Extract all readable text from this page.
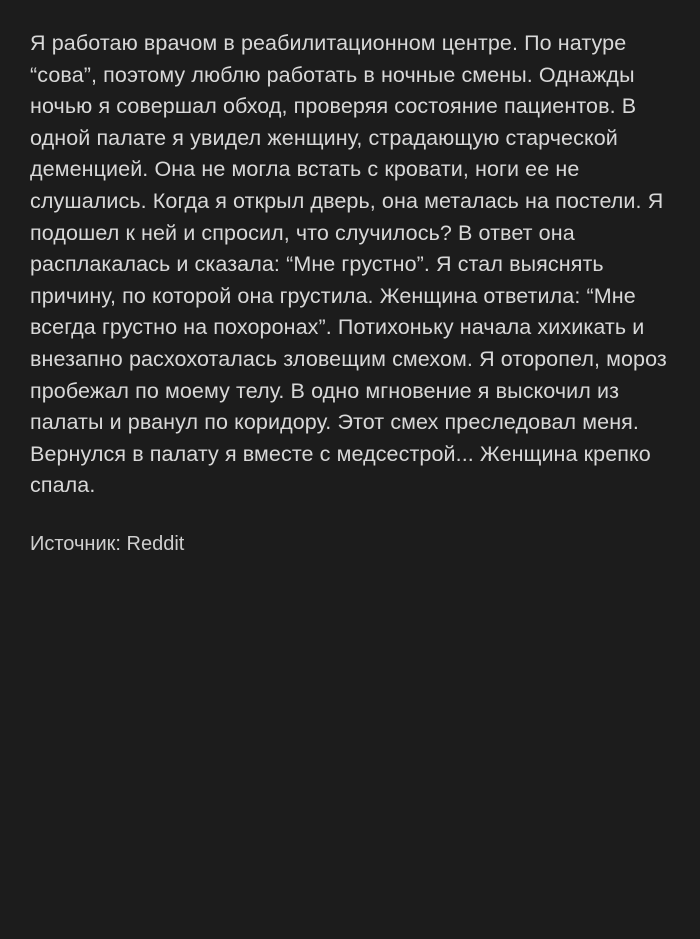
Я работаю врачом в реабилитационном центре. По натуре “сова”, поэтому люблю работать в ночные смены. Однажды ночью я совершал обход, проверяя состояние пациентов. В одной палате я увидел женщину, страдающую старческой деменцией. Она не могла встать с кровати, ноги ее не слушались. Когда я открыл дверь, она металась на постели. Я подошел к ней и спросил, что случилось? В ответ она расплакалась и сказала: “Мне грустно”. Я стал выяснять причину, по которой она грустила. Женщина ответила: “Мне всегда грустно на похоронах”. Потихоньку начала хихикать и внезапно расхохоталась зловещим смехом. Я оторопел, мороз пробежал по моему телу. В одно мгновение я выскочил из палаты и рванул по коридору. Этот смех преследовал меня. Вернулся в палату я вместе с медсестрой... Женщина крепко спала.
Источник: Reddit
